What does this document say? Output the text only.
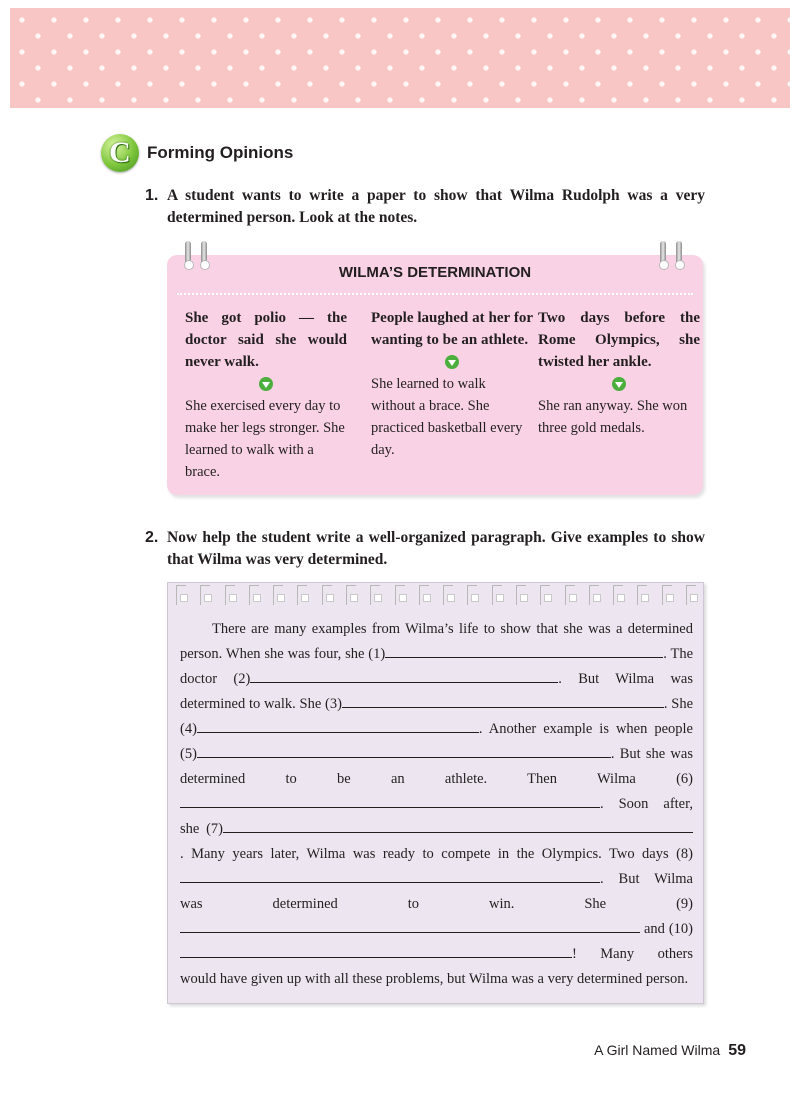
C Forming Opinions
1. A student wants to write a paper to show that Wilma Rudolph was a very determined person. Look at the notes.
WILMA’S DETERMINATION
She got polio — the doctor said she would never walk.
She exercised every day to make her legs stronger. She learned to walk with a brace.
People laughed at her for wanting to be an athlete.
She learned to walk without a brace. She practiced basketball every day.
Two days before the Rome Olympics, she twisted her ankle.
She ran anyway. She won three gold medals.
2. Now help the student write a well-organized paragraph. Give examples to show that Wilma was very determined.
There are many examples from Wilma’s life to show that she was a determined person. When she was four, she (1)	. The doctor (2)	. But Wilma was determined to walk. She (3)	. She (4)	. Another example is when people (5)	. But she was determined to be an athlete. Then Wilma (6). Soon after, she (7). Many years later, Wilma was ready to compete in the Olympics. Two days (8). But Wilma was determined to win. She (9) and (10)! Many others would have given up with all these problems, but Wilma was a very determined person.
A Girl Named Wilma 59
